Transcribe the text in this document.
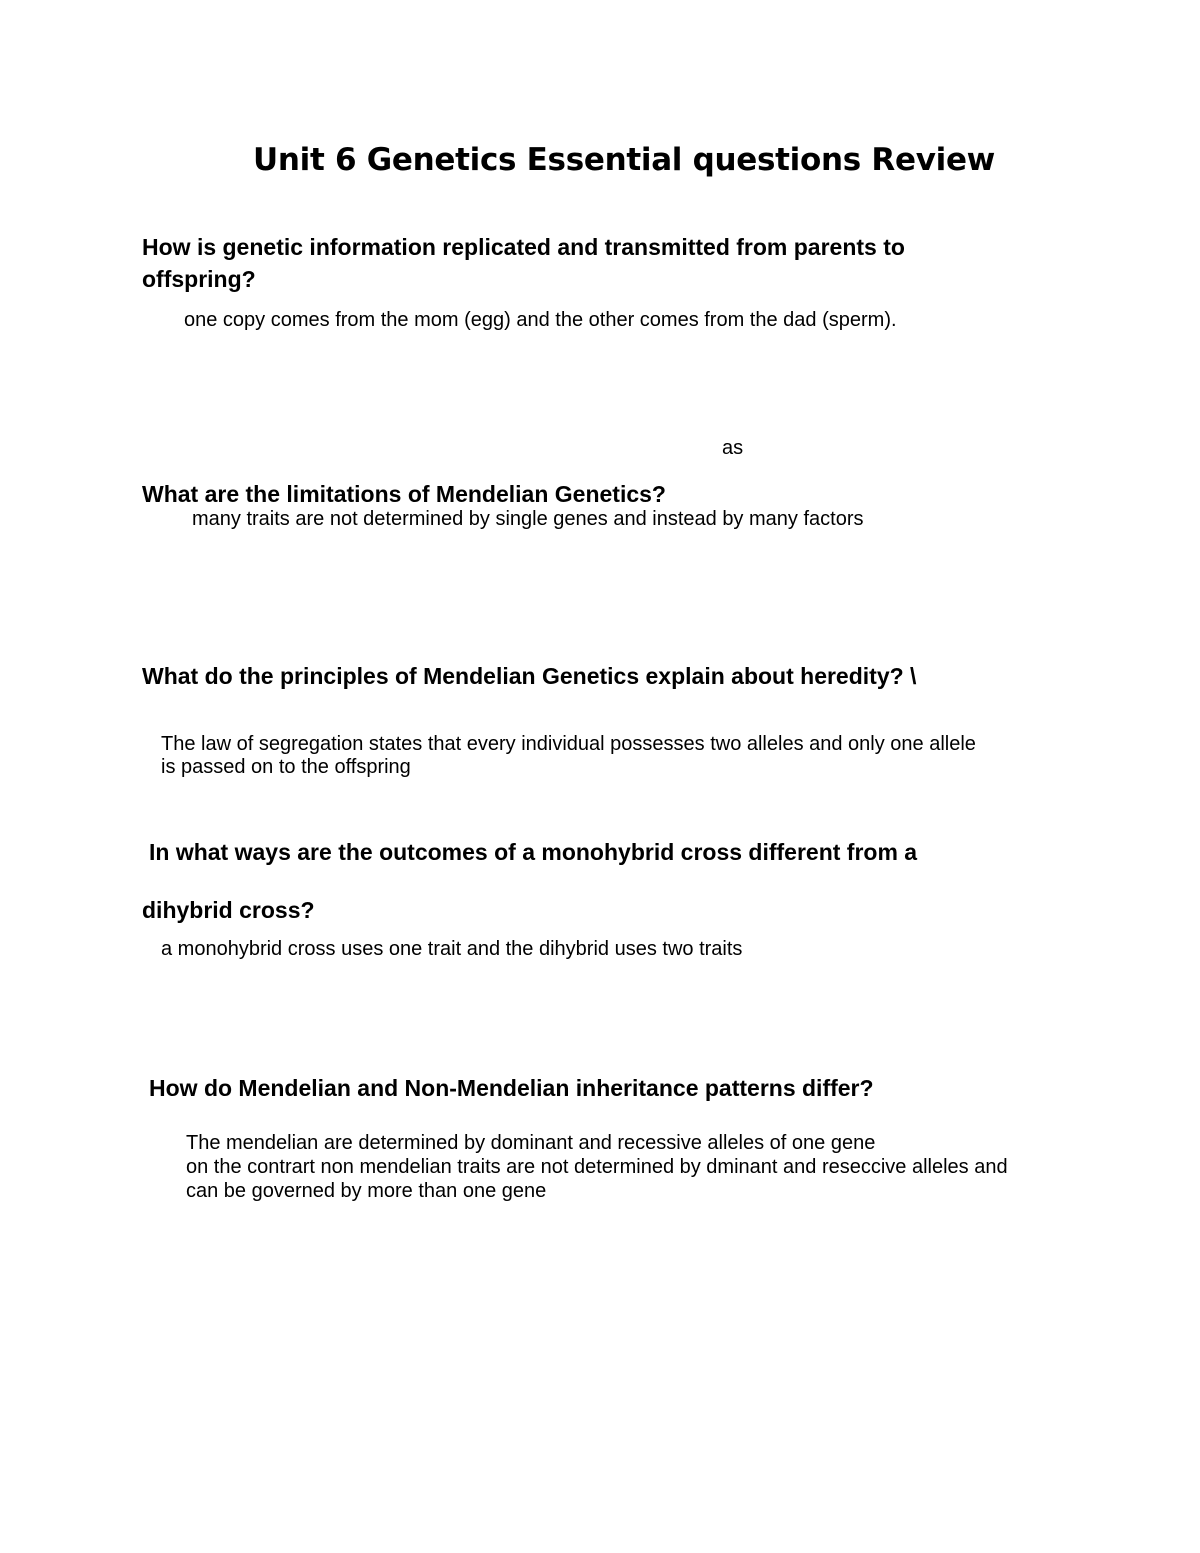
Unit 6 Genetics Essential questions Review

How is genetic information replicated and transmitted from parents to

offspring?

one copy comes from the mom (egg) and the other comes from the dad (sperm).

as

What are the limitations of Mendelian Genetics?

many traits are not determined by single genes and instead by many factors

What do the principles of Mendelian Genetics explain about heredity? \

The law of segregation states that every individual possesses two alleles and only one allele

is passed on to the offspring

In what ways are the outcomes of a monohybrid cross different from a

dihybrid cross?

a monohybrid cross uses one trait and the dihybrid uses two traits

How do Mendelian and Non-Mendelian inheritance patterns differ?

The mendelian are determined by dominant and recessive alleles of one gene

on the contrart non mendelian traits are not determined by dminant and reseccive alleles and

can be governed by more than one gene
